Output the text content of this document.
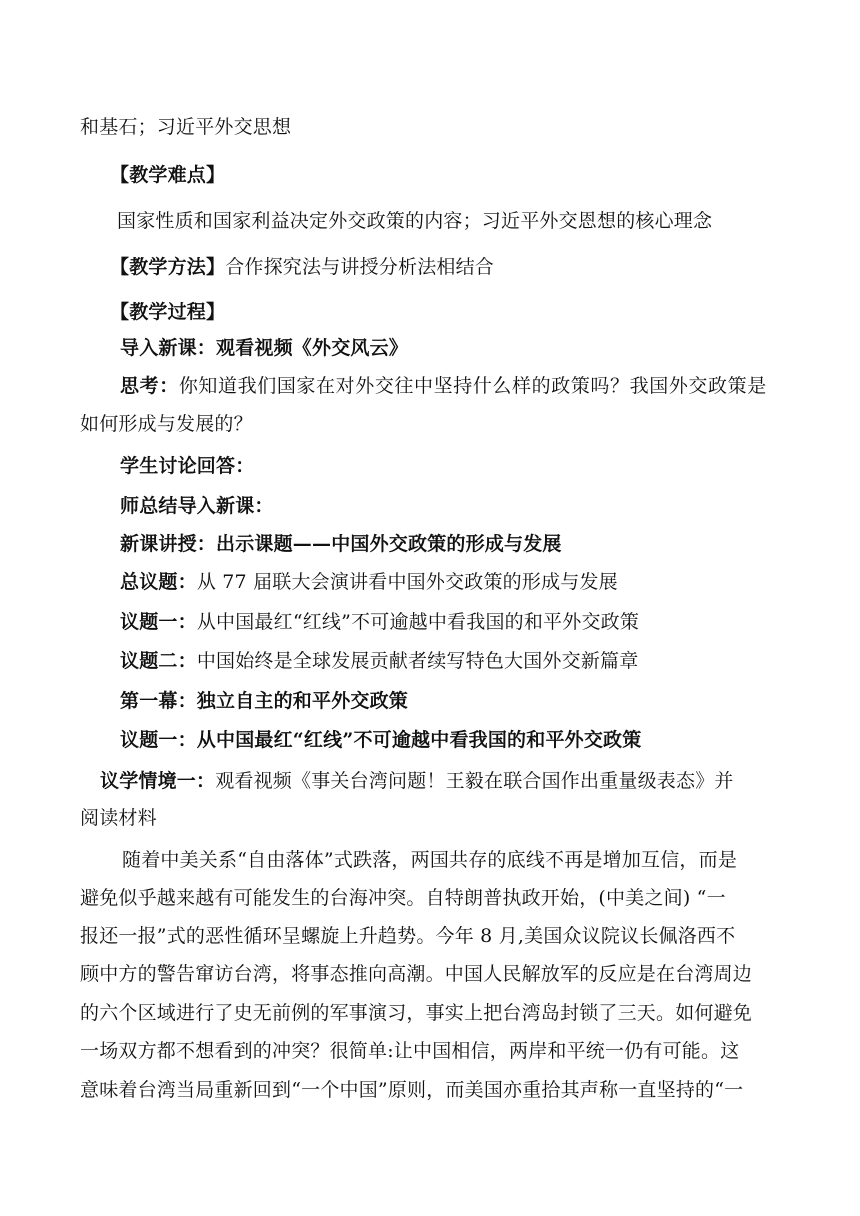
和基石；习近平外交思想
【教学难点】
国家性质和国家利益决定外交政策的内容；习近平外交恩想的核心理念
【教学方法】合作探究法与讲授分析法相结合
【教学过程】
导入新课：观看视频《外交风云》
思考：你知道我们国家在对外交往中坚持什么样的政策吗？我国外交政策是
如何形成与发展的？
学生讨论回答：
师总结导入新课：
新课讲授：出示课题——中国外交政策的形成与发展
总议题：从 77 届联大会演讲看中国外交政策的形成与发展
议题一：从中国最红“红线”不可逾越中看我国的和平外交政策
议题二：中国始终是全球发展贡献者续写特色大国外交新篇章
第一幕：独立自主的和平外交政策
议题一：从中国最红“红线”不可逾越中看我国的和平外交政策
议学情境一：观看视频《事关台湾问题！王毅在联合国作出重量级表态》并
阅读材料
随着中美关系“自由落体”式跌落，两国共存的底线不再是增加互信，而是
避免似乎越来越有可能发生的台海冲突。自特朗普执政开始，(中美之间) “一
报还一报”式的恶性循环呈螺旋上升趋势。今年 8 月,美国众议院议长佩洛西不
顾中方的警告窜访台湾，将事态推向高潮。中国人民解放军的反应是在台湾周边
的六个区域进行了史无前例的军事演习，事实上把台湾岛封锁了三天。如何避免
一场双方都不想看到的冲突？很简单:让中国相信，两岸和平统一仍有可能。这
意味着台湾当局重新回到“一个中国”原则，而美国亦重拾其声称一直坚持的“一
